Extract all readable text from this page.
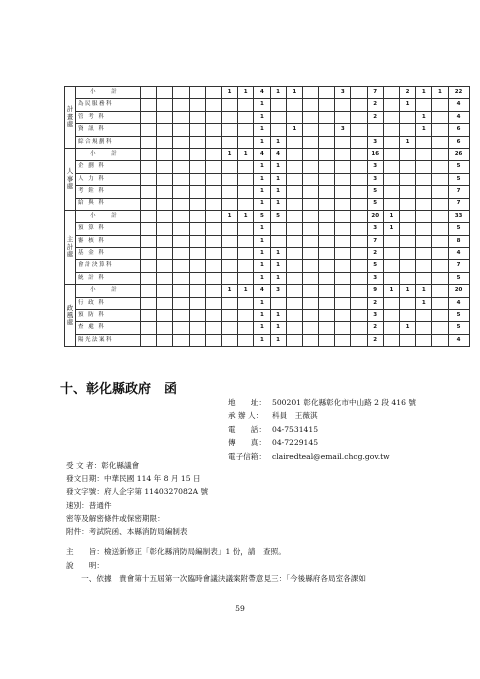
計畫處	小 計						1	1	4	1	1			3		7		2	1	1	22
	為民服務科								1							2		1			4
	管 考 科								1							2			1		4
	資 訊 科								1		1			3					1		6
	綜合規劃科								1	1						3		1			6
人事處	小 計						1	1	4	4						16					26
	企 劃 科								1	1						3					5
	人 力 科								1	1						3					5
	考 銓 科								1	1						5					7
	給 與 科								1	1						5					7
主計處	小 計						1	1	5	5						20	1				33
	預 算 科								1							3	1				5
	審 核 科								1							7					8
	基 金 科								1	1						2					4
	會計決算科								1	1						5					7
	統 計 科								1	1						3					5
政風處	小 計						1	1	4	3						9	1	1	1		20
	行 政 科								1							2			1		4
	預 防 科								1	1						3					5
	查 處 科								1	1						2		1			5
	陽光法案科								1	1						2					4
十、彰化縣政府　函
地　　址： 500201 彰化縣彰化市中山路 2 段 416 號
承 辦 人： 科員　王薇淇
電　　話： 04-7531415
傳　　真： 04-7229145
電子信箱： clairedteal@email.chcg.gov.tw
受 文 者：彰化縣議會
發文日期：中華民國 114 年 8 月 15 日
發文字號：府人企字第 1140327082A 號
速別：普通件
密等及解密條件或保密期限：
附件：考試院函、本縣消防局編制表
主　　旨：檢送新修正「彰化縣消防局編制表」1 份，請　查照。
說　　明：
　　一、依據　貴會第十五屆第一次臨時會議決議案附帶意見三：「今後縣府各局室各課如
59
